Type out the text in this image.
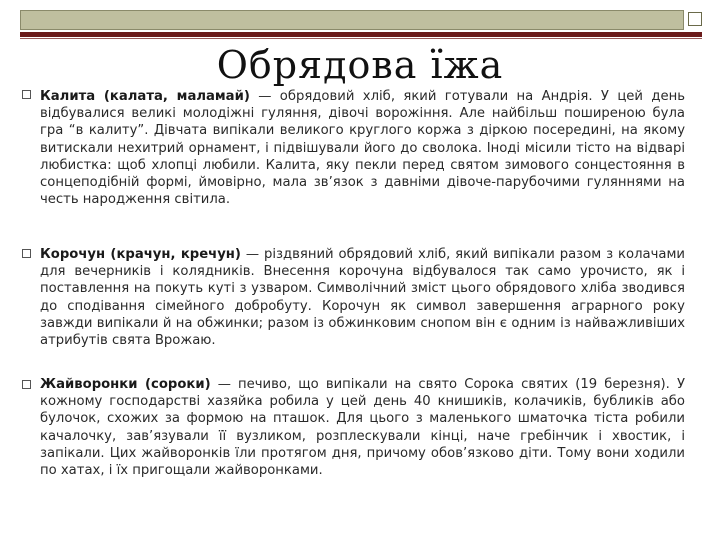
Обрядова їжа
Калита (калата, маламай) — обрядовий хліб, який готували на Андрія. У цей день відбувалися великі молодіжні гуляння, дівочі ворожіння. Але найбільш поширеною була гра “в калиту”. Дівчата випікали великого круглого коржа з діркою посередині, на якому витискали нехитрий орнамент, і підвішували його до сволока. Іноді місили тісто на відварі любистка: щоб хлопці любили. Калита, яку пекли перед святом зимового сонцестояння в сонцеподібній формі, ймовірно, мала зв’язок з давніми дівоче-парубочими гуляннями на честь народження світила.
Корочун (крачун, кречун) — різдвяний обрядовий хліб, який випікали разом з колачами для вечерників і колядників. Внесення корочуна відбувалося так само урочисто, як і поставлення на покуть куті з узваром. Символічний зміст цього обрядового хліба зводився до сподівання сімейного добробуту. Корочун як символ завершення аграрного року завжди випікали й на обжинки; разом із обжинковим снопом він є одним із найважливіших атрибутів свята Врожаю.
Жайворонки (сороки) — печиво, що випікали на свято Сорока святих (19 березня). У кожному господарстві хазяйка робила у цей день 40 книшиків, колачиків, бубликів або булочок, схожих за формою на пташок. Для цього з маленького шматочка тіста робили качалочку, зав’язували її вузликом, розплескували кінці, наче гребінчик і хвостик, і запікали. Цих жайворонків їли протягом дня, причому обов’язково діти. Тому вони ходили по хатах, і їх пригощали жайворонками.
